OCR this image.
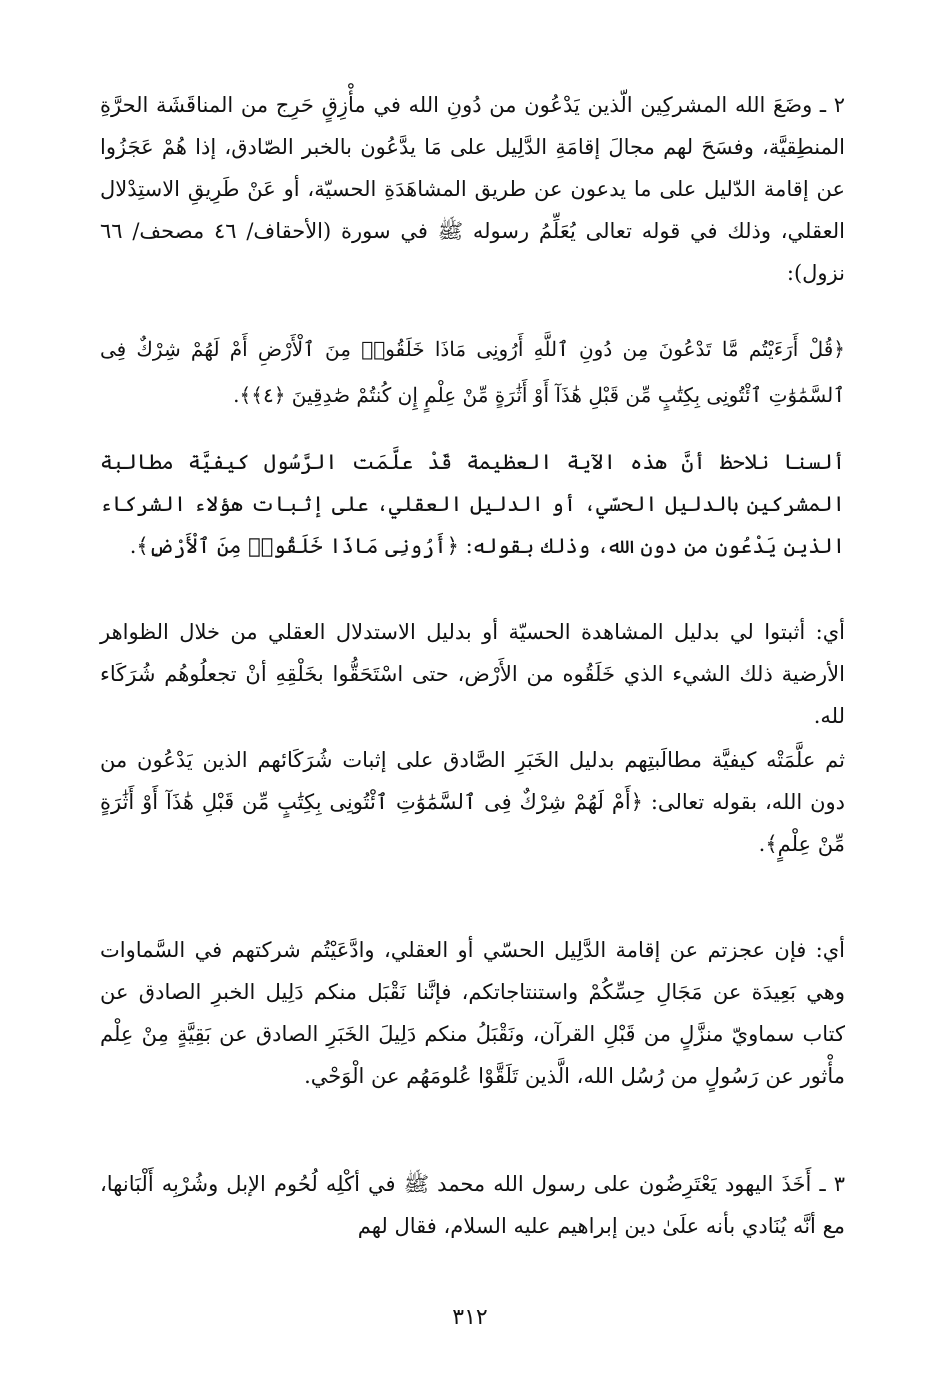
٢ ـ وضَعَ الله المشركِين الّذين يَدْعُون من دُونِ الله في مأْزِقٍ حَرِج من المناقَشَة الحرَّةِ المنطِقيَّة، وفسَحَ لهم مجالَ إقامَةِ الدَّلِيل على مَا يدَّعُون بالخبر الصّادق، إذا هُمْ عَجَزُوا عن إقامة الدّليل على ما يدعون عن طريق المشاهَدَةِ الحسيّة، أو عَنْ طَرِيقِ الاستِدْلال العقلي، وذلك في قوله تعالى يُعَلِّمُ رسوله ﷺ في سورة (الأحقاف/ ٤٦ مصحف/ ٦٦ نزول):

﴿قُلْ أَرَءَيْتُم مَّا تَدْعُونَ مِن دُونِ ٱللَّهِ أَرُونِى مَاذَا خَلَقُوا۟ مِنَ ٱلْأَرْضِ أَمْ لَهُمْ شِرْكٌ فِى ٱلسَّمَٰوَٰتِ ٱئْتُونِى بِكِتَٰبٍ مِّن قَبْلِ هَٰذَآ أَوْ أَثَٰرَةٍ مِّنْ عِلْمٍ إِن كُنتُمْ صَٰدِقِينَ ﴿٤﴾﴾.

ألسنا نلاحظ أنَّ هذه الآية العظيمة قَدْ علَّمَت الرَّسُول كيفيَّة مطالبة المشركين بالدليل الحسّي، أو الدليل العقلي، على إثبات هؤلاء الشركاء الذين يَدْعُون من دون الله، وذلك بقوله: ﴿أَرُونِى مَاذَا خَلَقُوا۟ مِنَ ٱلْأَرْضِ﴾.

أي: أثبتوا لي بدليل المشاهدة الحسيّة أو بدليل الاستدلال العقلي من خلال الظواهر الأرضية ذلك الشيء الذي خَلَقُوه من الأَرْض، حتى اسْتَحَقُّوا بخَلْقِهِ أنْ تجعلُوهُم شُرَكَاء لله.

ثم علَّمَتْه كيفيَّة مطالَبتِهم بدليل الخَبَرِ الصَّادق على إثبات شُرَكَائهم الذين يَدْعُون من دون الله، بقوله تعالى: ﴿أَمْ لَهُمْ شِرْكٌ فِى ٱلسَّمَٰوَٰتِ ٱئْتُونِى بِكِتَٰبٍ مِّن قَبْلِ هَٰذَآ أَوْ أَثَٰرَةٍ مِّنْ عِلْمٍ﴾.

أي: فإن عجزتم عن إقامة الدَّلِيل الحسّي أو العقلي، وادَّعَيْتُم شركتهم في السَّماوات وهي بَعِيدَة عن مَجَالِ حِسِّكُمْ واستنتاجاتكم، فإنَّنا نَقْبَل منكم دَلِيل الخبرِ الصادق عن كتاب سماويّ منزَّلٍ من قَبْلِ القرآن، ونَقْبَلُ منكم دَلِيلَ الخَبَرِ الصادق عن بَقِيَّةٍ مِنْ عِلْم مأْثور عن رَسُولٍ من رُسُل الله، الَّذين تَلَقَّوْا عُلومَهُم عن الْوَحْي.

٣ ـ أَخَذَ اليهود يَعْتَرِضُون على رسول الله محمد ﷺ في أكْلِه لُحُوم الإبل وشُرْبِه أَلْبَانها، مع أنَّه يُنَادي بأنه علَىٰ دين إبراهيم عليه السلام، فقال لهم

٣١٢
